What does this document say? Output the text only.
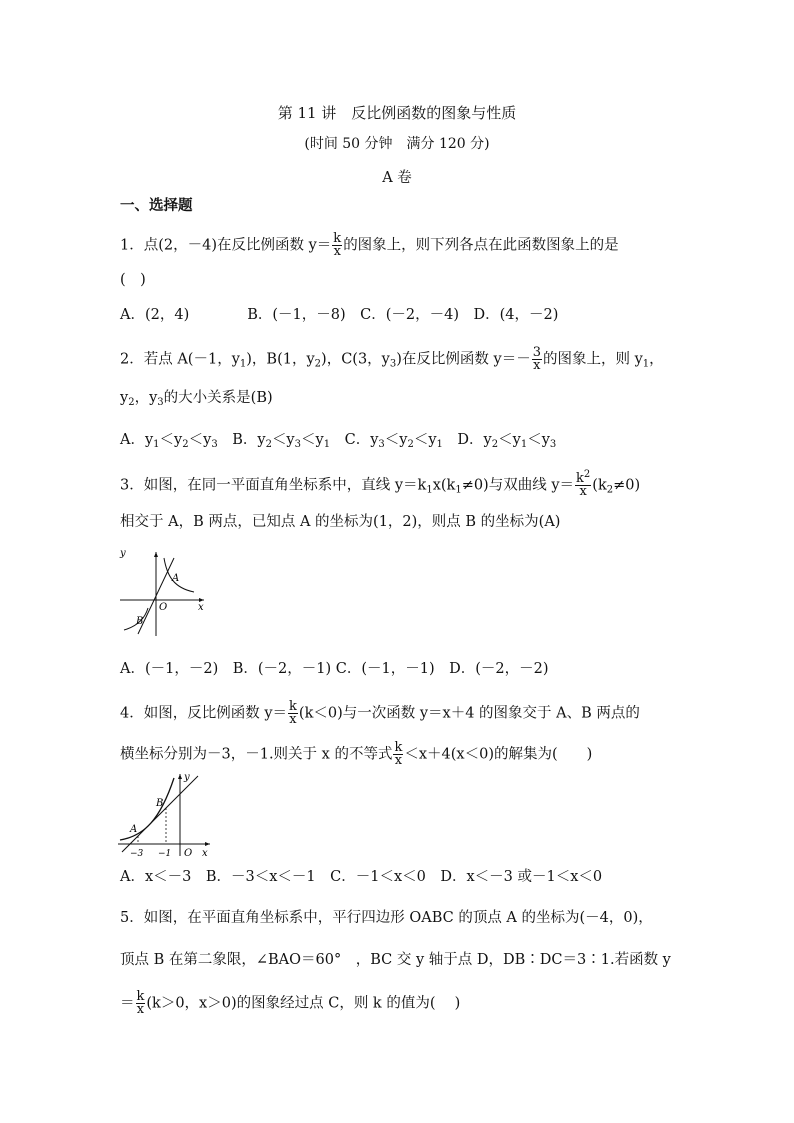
第 11 讲　反比例函数的图象与性质
(时间 50 分钟　满分 120 分)
A 卷
一、选择题
1．点(2，－4)在反比例函数 $y= \frac{k}{x}$ 的图象上，则下列各点在此函数图象上的是
(　)
A．(2，4)　　　　B．(－1，－8)　C．(－2，－4)　D．(4，－2)
2．若点 A(－1，$y_1$)，B(1，$y_2$)，C(3，$y_3$)在反比例函数 $y=- \frac{3}{x}$ 的图象上，则 $y_1$，
$y_2$，$y_3$的大小关系是(B)
A．$y_1<y_2<y_3$　B．$y_2<y_3<y_1$　C．$y_3<y_2<y_1$　D．$y_2<y_1<y_3$
3．如图，在同一平面直角坐标系中，直线 $y=k_1x(k_1\ne 0)$与双曲线 $y= \frac{k^2}{x} (k_2\ne 0)$
相交于 A，B 两点，已知点 A 的坐标为(1，2)，则点 B 的坐标为(A)
y
x
O
A
B
A．(－1，－2)　B．(－2，－1) C．(－1，－1)　D．(－2，－2)
4．如图，反比例函数 $y= \frac{k}{x} (k<0)$与一次函数 y＝x＋4 的图象交于 A、B 两点的
横坐标分别为－3，－1.则关于 x 的不等式 $\frac{k}{x} <x+4(x<0)$的解集为(　　)
A
B
y
x
O
−3 −1
A．x＜－3　B．－3＜x＜－1　C．－1＜x＜0　D．x＜－3 或－1＜x＜0
5．如图，在平面直角坐标系中，平行四边形 OABC 的顶点 A 的坐标为(－4，0)，
顶点 B 在第二象限，∠BAO＝60°　，BC 交 y 轴于点 D，DB∶DC＝3∶1.若函数 y
＝ $\frac{k}{x} (k>0$，x＞0)的图象经过点 C，则 k 的值为(　 )
